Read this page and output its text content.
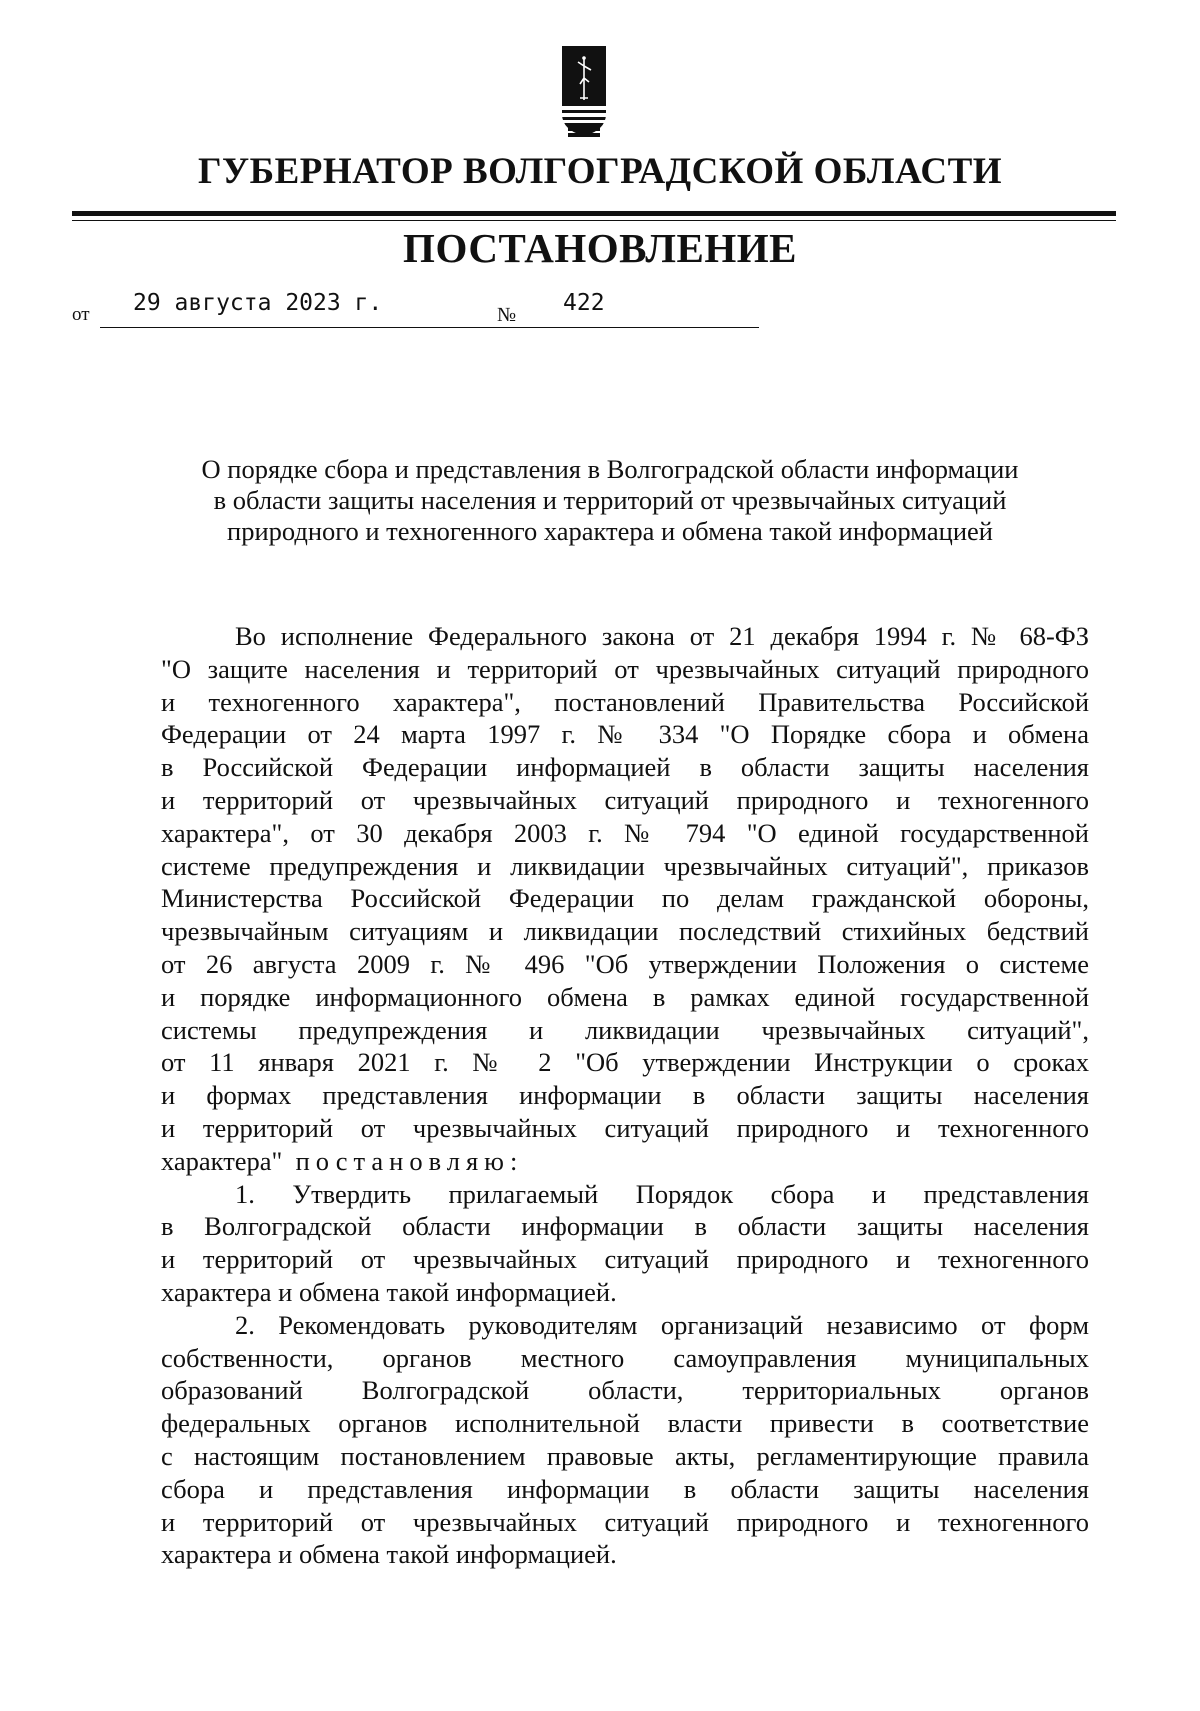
ГУБЕРНАТОР ВОЛГОГРАДСКОЙ ОБЛАСТИ
ПОСТАНОВЛЕНИЕ
от 29 августа 2023 г.	№ 422
О порядке сбора и представления в Волгоградской области информации
в области защиты населения и территорий от чрезвычайных ситуаций
природного и техногенного характера и обмена такой информацией
Во исполнение Федерального закона от 21 декабря 1994 г. № 68-ФЗ
"О защите населения и территорий от чрезвычайных ситуаций природного
и техногенного характера", постановлений Правительства Российской
Федерации от 24 марта 1997 г. № 334 "О Порядке сбора и обмена
в Российской Федерации информацией в области защиты населения
и территорий от чрезвычайных ситуаций природного и техногенного
характера", от 30 декабря 2003 г. № 794 "О единой государственной
системе предупреждения и ликвидации чрезвычайных ситуаций", приказов
Министерства Российской Федерации по делам гражданской обороны,
чрезвычайным ситуациям и ликвидации последствий стихийных бедствий
от 26 августа 2009 г. № 496 "Об утверждении Положения о системе
и порядке информационного обмена в рамках единой государственной
системы предупреждения и ликвидации чрезвычайных ситуаций",
от 11 января 2021 г. № 2 "Об утверждении Инструкции о сроках
и формах представления информации в области защиты населения
и территорий от чрезвычайных ситуаций природного и техногенного
характера" постановляю:
1. Утвердить прилагаемый Порядок сбора и представления
в Волгоградской области информации в области защиты населения
и территорий от чрезвычайных ситуаций природного и техногенного
характера и обмена такой информацией.
2. Рекомендовать руководителям организаций независимо от форм
собственности, органов местного самоуправления муниципальных
образований Волгоградской области, территориальных органов
федеральных органов исполнительной власти привести в соответствие
с настоящим постановлением правовые акты, регламентирующие правила
сбора и представления информации в области защиты населения
и территорий от чрезвычайных ситуаций природного и техногенного
характера и обмена такой информацией.
